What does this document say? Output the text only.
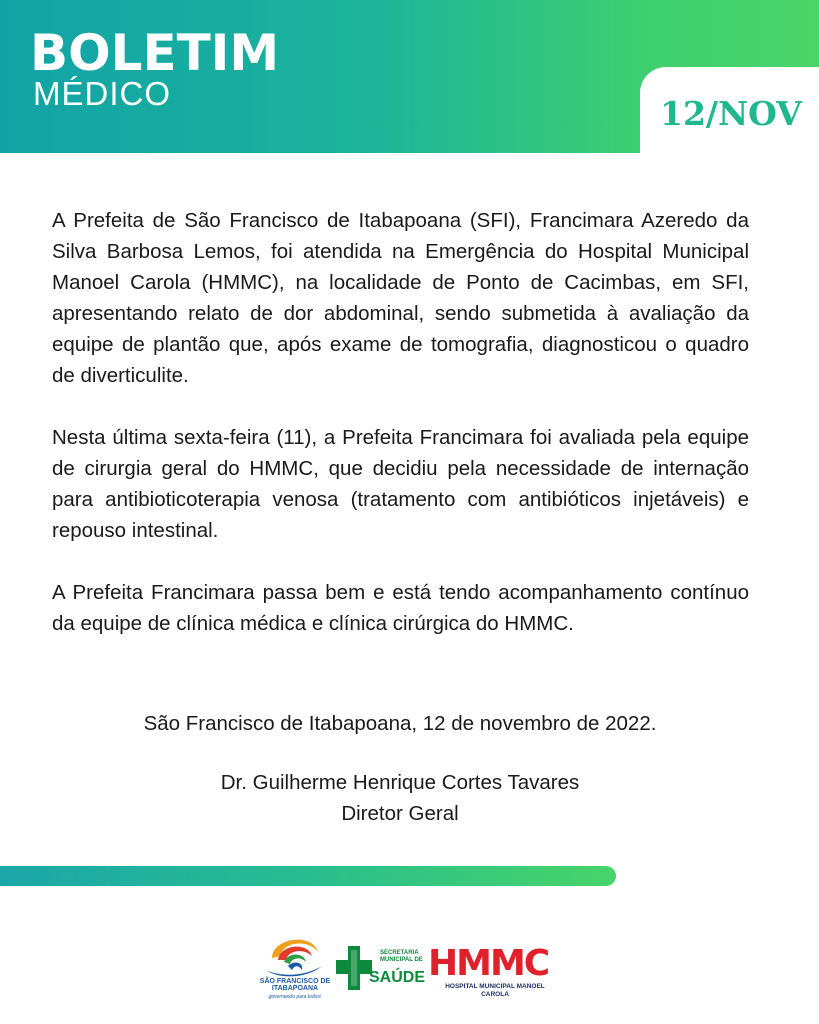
BOLETIM
MÉDICO
12/NOV

A Prefeita de São Francisco de Itabapoana (SFI), Francimara Azeredo da Silva Barbosa Lemos, foi atendida na Emergência do Hospital Municipal Manoel Carola (HMMC), na localidade de Ponto de Cacimbas, em SFI, apresentando relato de dor abdominal, sendo submetida à avaliação da equipe de plantão que, após exame de tomografia, diagnosticou o quadro de diverticulite.

Nesta última sexta-feira (11), a Prefeita Francimara foi avaliada pela equipe de cirurgia geral do HMMC, que decidiu pela necessidade de internação para antibioticoterapia venosa (tratamento com antibióticos injetáveis) e repouso intestinal.

A Prefeita Francimara passa bem e está tendo acompanhamento contínuo da equipe de clínica médica e clínica cirúrgica do HMMC.

São Francisco de Itabapoana, 12 de novembro de 2022.
Dr. Guilherme Henrique Cortes Tavares
Diretor Geral
SÃO FRANCISCO DE ITABAPOANA
governando para todos!
SECRETARIA MUNICIPAL DE
SAÚDE HMMC
HOSPITAL MUNICIPAL MANOEL CAROLA
